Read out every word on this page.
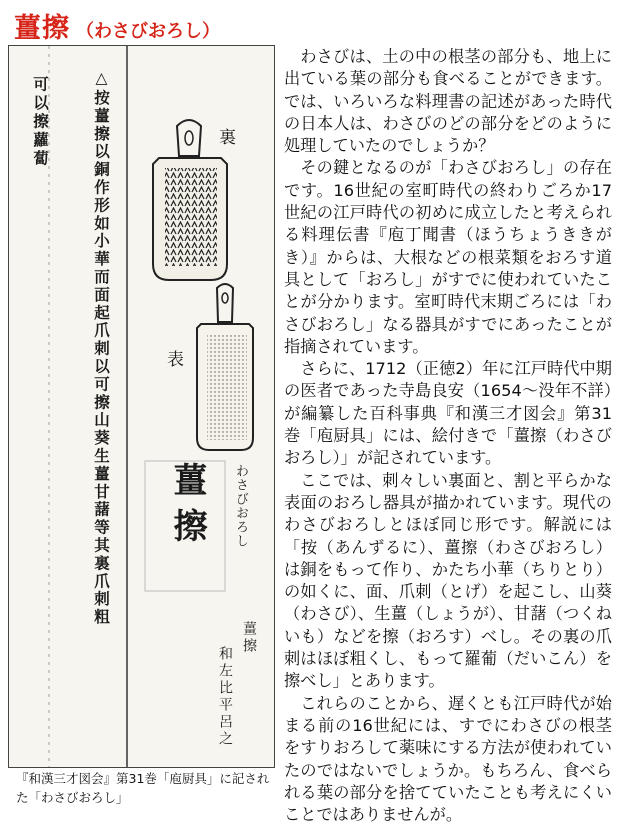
薑擦 （わさびおろし）
△按薑擦以銅作形如小華而面起爪刺以可擦山葵生薑甘藷等其裏爪刺粗
可以擦蘿蔔	裏
表
薑擦	わさびおろし
薑擦
和左比平呂之
『和漢三才図会』第31巻「庖厨具」に記された「わさびおろし」

わさびは、土の中の根茎の部分も、地上に出ている葉の部分も食べることができます。では、いろいろな料理書の記述があった時代の日本人は、わさびのどの部分をどのように処理していたのでしょうか？

その鍵となるのが「わさびおろし」の存在です。16世紀の室町時代の終わりごろか17世紀の江戸時代の初めに成立したと考えられる料理伝書『庖丁聞書（ほうちょうききがき）』からは、大根などの根菜類をおろす道具として「おろし」がすでに使われていたことが分かります。室町時代末期ごろには「わさびおろし」なる器具がすでにあったことが指摘されています。

さらに、1712（正徳2）年に江戸時代中期の医者であった寺島良安（1654～没年不詳）が編纂した百科事典『和漢三才図会』第31巻「庖厨具」には、絵付きで「薑擦（わさびおろし）」が記されています。

ここでは、刺々しい裏面と、割と平らかな表面のおろし器具が描かれています。現代のわさびおろしとほぼ同じ形です。解説には「按（あんずるに）、薑擦（わさびおろし）は銅をもって作り、かたち小華（ちりとり）の如くに、面、爪刺（とげ）を起こし、山葵（わさび）、生薑（しょうが）、甘藷（つくねいも）などを擦（おろす）べし。その裏の爪刺はほぼ粗くし、もって羅葡（だいこん）を擦べし」とあります。

これらのことから、遅くとも江戸時代が始まる前の16世紀には、すでにわさびの根茎をすりおろして薬味にする方法が使われていたのではないでしょうか。もちろん、食べられる葉の部分を捨てていたことも考えにくいことではありませんが。
